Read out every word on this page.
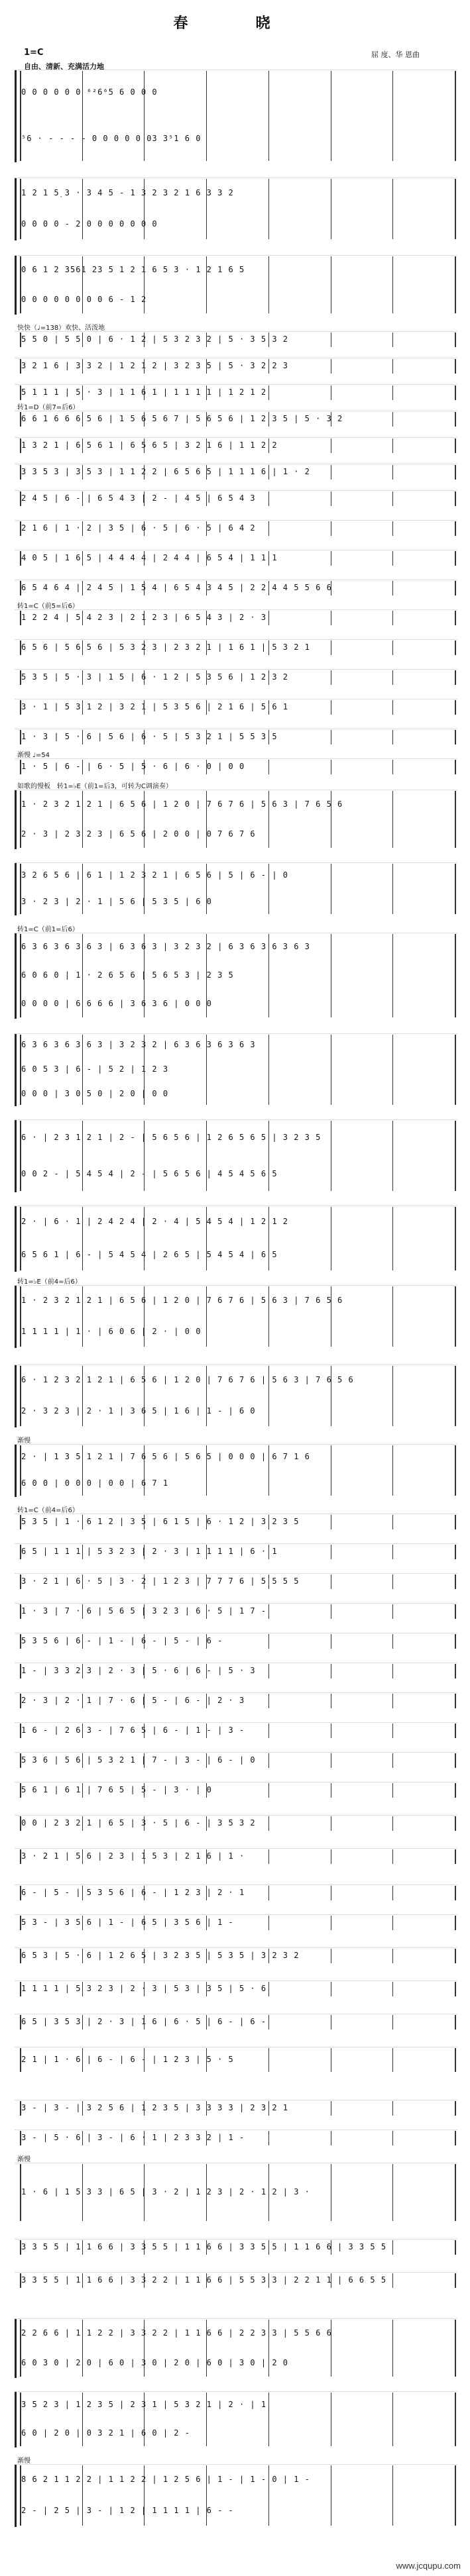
春　晓
1=C	屈 度、华 恩曲
自由、清新、充满活力地
0 0 0 0 0 0 ⁶²6⁶5 6 0 0 0
⁵6 · - - - - 0 0 0 0 0 03 3⁵1 6 0
1 2 1 5̣ 3 · 3 4 5 - 1 3 2 3 2 1 6 3 3 2
0 0 0 0 - 2 0 0 0 0 0 0 0
0 6 1 2 3561 23 5 1 2 1 6 5 3 · 1 2 1 6 5
0 0 0 0 0 0 0 0 6 - 1 2
快快（♩=138）欢快、活泼地
5 5 0 | 5 5 0 | 6 · 1 2 | 5 3 2 3 2 | 5 · 3 5 3 2
3 2 1 6 | 3 3 2 | 1 2 1 2 | 3 2 3 5 | 5 · 3 2 2 3
5 1 1 1 | 5 · 3 | 1 1 6 1 | 1 1 1 1 | 1 2 1 2
转1=D（前7=后6）
6 6 1 6 6 6 5 6 | 1 5 6 5 6 7 | 5 6 5 6 | 1 2 3 5 | 5 · 3 2
1 3 2 1 | 6 5 6 1 | 6 5 6 5 | 3 2 1 6 | 1 1 2 2
3 3 5 3 | 3 5 3 | 1 1 2 2 | 6 5 6 5 | 1 1 1 6 | 1 · 2
2 4 5 | 6 - | 6 5 4 3 | 2 - | 4 5 | 6 5 4 3
2 1 6 | 1 · 2 | 3 5 | 6 · 5 | 6 · 5 | 6 4 2
4 0 5 | 1 6 5 | 4 4 4 4 | 2 4 4 | 6 5 4 | 1 1 1
6 5 4 6 4 | 2 4 5 | 1 5 4 | 6 5 4 3 4 5 | 2 2 4 4 5 5 6 6
转1=C（前5=后6）
1 2 2 4 | 5 4 2 3 | 2 1 2 3 | 6 5 4 3 | 2 · 3
6 5 6 | 5 6 5 6 | 5 3 2 3 | 2 3 2 1 | 1 6 1 | 5 3 2 1
5 3 5 | 5 · 3 | 1 5 | 6 · 1 2 | 5 3 5 6 | 1 2 3 2
3 · 1 | 5 3 1 2 | 3 2 1 | 5 3 5 6 | 2 1 6 | 5 6 1
1 · 3 | 5 · 6 | 5 6 | 6 · 5 | 5 3 2 1 | 5 5 3 5
渐慢 ♩=54
1 · 5 | 6 - | 6 · 5 | 5 · 6 | 6 · 0 | 0 0
如歌的慢板　转1=♭E（前1=后3，可转为C调演奏）
1 · 2 3 2 1 2 1 | 6 5 6 | 1 2 0 | 7 6 7 6 | 5 6 3 | 7 6 5 6
2 · 3 | 2 3 2 3 | 6 5 6 | 2 0 0 | 0 7 6 7 6
3 2 6 5 6 | 6 1 | 1 2 3 2 1 | 6 5 6 | 5 | 6 - | 0
3 · 2 3 | 2 · 1 | 5 6 | 5 3 5 | 6 0
转1=C（前1=后6）
6 3 6 3 6 3 6 3 | 6 3 6 3 | 3 2 3 2 | 6 3 6 3 6 3 6 3
6 0 6 0 | 1 · 2 6 5 6 | 5 6 5 3 | 2 3 5
0 0 0 0 | 6 6 6 6 | 3 6 3 6 | 0 0 0
6 3 6 3 6 3 6 3 | 3 2 3 2 | 6 3 6 3 6 3 6 3
6 0 5 3 | 6 - | 5 2 | 1 2 3
0 0 0 | 3 0 5 0 | 2 0 | 0 0
6 · | 2 3 1 2 1 | 2 - | 5 6 5 6 | 1 2 6 5 6 5 | 3 2 3 5
0 0 2 - | 5 4 5 4 | 2 - | 5 6 5 6 | 4 5 4 5 6 5
2 · | 6 · 1 | 2 4 2 4 | 2 · 4 | 5 4 5 4 | 1 2 1 2
6 5 6 1 | 6 - | 5 4 5 4 | 2 6 5 | 5 4 5 4 | 6 5
转1=♭E（前4=后6）
1 · 2 3 2 1 2 1 | 6 5 6 | 1 2 0 | 7 6 7 6 | 5 6 3 | 7 6 5 6
1 1 1 1 | 1 · | 6 0 6 | 2 · | 0 0
6 · 1 2 3 2 1 2 1 | 6 5 6 | 1 2 0 | 7 6 7 6 | 5 6 3 | 7 6 5 6
2 · 3 2 3 | 2 · 1 | 3 6 5 | 1 6 | 1 - | 6 0
渐慢
2 · | 1 3 5 1 2 1 | 7 6 5 6 | 5 6 5 | 0 0 0 | 6 7 1 6
6 0 0 | 0 0 0 | 0 0 | 6 7 1
转1=C（前4=后6）
5 3 5 | 1 · 6 1 2 | 3 5 | 6 1 5 | 6 · 1 2 | 3 2 3 5
6 5 | 1 1 1 | 5 3 2 3 | 2 · 3 | 1 1 1 1 | 6 · 1
3 · 2 1 | 6 · 5 | 3 · 2 | 1 2 3 | 7 7 7 6 | 5 5 5 5
1 · 3 | 7 · 6 | 5 6 5 | 3 2 3 | 6 · 5 | 1 7 -
5 3 5 6 | 6 - | 1 - | 6 - | 5 - | 6 -
1 - | 3 3 2 3 | 2 · 3 | 5 · 6 | 6 - | 5 · 3
2 · 3 | 2 · 1 | 7 · 6 | 5 - | 6 - | 2 · 3
1 6 - | 2 6 3 - | 7 6 5 | 6 - | 1 - | 3 -
5 3 6 | 5 6 | 5 3 2 1 | 7 - | 3 - | 6 - | 0
5 6 1 | 6 1 | 7 6 5 | 5 - | 3 · | 0
0 0 | 2 3 2 1 | 6 5 | 3 · 5 | 6 - | 3 5 3 2
3 · 2 1 | 5 6 | 2 3 | 1 5 3 | 2 1 6 | 1 ·
6 - | 5 - | 5 3 5 6 | 6 - | 1 2 3 | 2 · 1
5 3 - | 3 5 6 | 1 - | 6 5 | 3 5 6 | 1 -
6 5 3 | 5 · 6 | 1 2 6 5 | 3 2 3 5 | 5 3 5 | 3 2 3 2
1 1 1 1 | 5 3 2 3 | 2 · 3 | 5 3 | 3 5 | 5 · 6
6 5 | 3 5 3 | 2 · 3 | 1 6 | 6 · 5 | 6 - | 6 -
2 1 | 1 · 6 | 6 - | 6 - | 1 2 3 | 5 · 5
3 - | 3 - | 3 2 5 6 | 1 2 3 5 | 3 3 3 3 | 2 3 2 1
3 - | 5 · 6 | 3 - | 6 · 1 | 2 3 3 2 | 1 -
渐慢
1 · 6 | 1 5 3 3 | 6 5 | 3 · 2 | 1 2 3 | 2 · 1 2 | 3 ·
3 3 5 5 | 1 1 6 6 | 3 3 5 5 | 1 1 6 6 | 3 3 5 5 | 1 1 6 6 | 3 3 5 5
3 3 5 5 | 1 1 6 6 | 3 3 2 2 | 1 1 6 6 | 5 5 3 3 | 2 2 1 1 | 6 6 5 5
2 2 6 6 | 1 1 2 2 | 3 3 2 2 | 1 1 6 6 | 2 2 3 3 | 5 5 6 6
6 0 3 0 | 2 0 | 6 0 | 3 0 | 2 0 | 6 0 | 3 0 | 2 0
3 5 2 3 | 1 2 3 5 | 2 3 1 | 5 3 2 1 | 2 · | 1
6 0 | 2 0 | 0 3 2 1 | 6 0 | 2 -
渐慢
8 6 2 1 1 2 2 | 1 1 2 2 | 1 2 5 6 | 1 - | 1 - 0 | 1 -
2 - | 2 5 | 3 - | 1 2 | 1 1 1 1 | 6 - -
www.jcqupu.com
